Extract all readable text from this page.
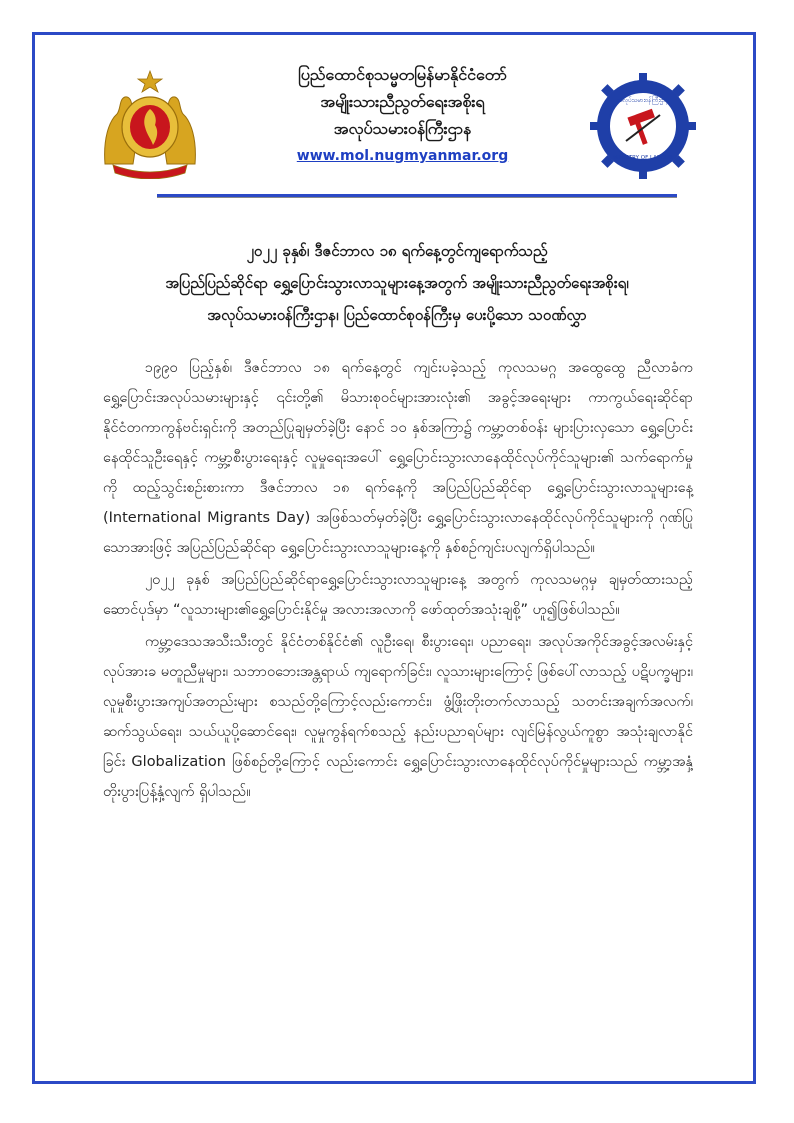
ပြည်ထောင်စုသမ္မတမြန်မာနိုင်ငံတော်
အမျိုးသားညီညွတ်ရေးအစိုးရ
အလုပ်သမားဝန်ကြီးဌာန
www.mol.nugmyanmar.org
အလုပ်သမားဝန်ကြီးဌာန
MINISTRY OF LABOUR
၂၀၂၂ ခုနှစ်၊ ဒီဇင်ဘာလ ၁၈ ရက်နေ့တွင်ကျရောက်သည့်
အပြည်ပြည်ဆိုင်ရာ ရွှေ့ပြောင်းသွားလာသူများနေ့အတွက် အမျိုးသားညီညွတ်ရေးအစိုးရ၊
အလုပ်သမားဝန်ကြီးဌာန၊ ပြည်ထောင်စုဝန်ကြီးမှ ပေးပို့သော သဝဏ်လွှာ

၁၉၉၀ ပြည့်နှစ်၊ ဒီဇင်ဘာလ ၁၈ ရက်နေ့တွင် ကျင်းပခဲ့သည့် ကုလသမဂ္ဂ အထွေထွေ ညီလာခံက ရွှေ့ပြောင်းအလုပ်သမားများနှင့် ၎င်းတို့၏ မိသားစုဝင်များအားလုံး၏ အခွင့်အရေးများ ကာကွယ်ရေးဆိုင်ရာ နိုင်ငံတကာကွန်ဗင်းရှင်းကို အတည်ပြုချမှတ်ခဲ့ပြီး နောင် ၁၀ နှစ်အကြာ၌ ကမ္ဘာ့တစ်ဝန်း များပြားလှသော ရွှေ့ပြောင်းနေထိုင်သူဦးရေနှင့် ကမ္ဘာ့စီးပွားရေးနှင့် လူမှုရေးအပေါ် ရွှေ့ပြောင်းသွားလာနေထိုင်လုပ်ကိုင်သူများ၏ သက်ရောက်မှုကို ထည့်သွင်းစဉ်းစားကာ ဒီဇင်ဘာလ ၁၈ ရက်နေ့ကို အပြည်ပြည်ဆိုင်ရာ ရွှေ့ပြောင်းသွားလာသူများနေ့ (International Migrants Day) အဖြစ်သတ်မှတ်ခဲ့ပြီး ရွှေ့ပြောင်းသွားလာနေထိုင်လုပ်ကိုင်သူများကို ဂုဏ်ပြုသောအားဖြင့် အပြည်ပြည်ဆိုင်ရာ ရွှေ့ပြောင်းသွားလာသူများနေ့ကို နှစ်စဉ်ကျင်းပလျက်ရှိပါသည်။

၂၀၂၂ ခုနှစ် အပြည်ပြည်ဆိုင်ရာရွှေ့ပြောင်းသွားလာသူများနေ့ အတွက် ကုလသမဂ္ဂမှ ချမှတ်ထားသည့် ဆောင်ပုဒ်မှာ “လူသားများ၏ရွှေ့ပြောင်းနိုင်မှု အလားအလာကို ဖော်ထုတ်အသုံးချစို့” ဟူ၍ဖြစ်ပါသည်။

ကမ္ဘာ့ဒေသအသီးသီးတွင် နိုင်ငံတစ်နိုင်ငံ၏ လူဦးရေ၊ စီးပွားရေး၊ ပညာရေး၊ အလုပ်အကိုင်အခွင့်အလမ်းနှင့် လုပ်အားခ မတူညီမှုများ၊ သဘာဝဘေးအန္တရာယ် ကျရောက်ခြင်း၊ လူသားများကြောင့် ဖြစ်ပေါ်လာသည့် ပဋိပက္ခများ၊ လူမှုစီးပွားအကျပ်အတည်းများ စသည်တို့ကြောင့်လည်းကောင်း၊ ဖွံ့ဖြိုးတိုးတက်လာသည့် သတင်းအချက်အလက်၊ ဆက်သွယ်ရေး၊ သယ်ယူပို့ဆောင်ရေး၊ လူမှုကွန်ရက်စသည့် နည်းပညာရပ်များ လျင်မြန်လွယ်ကူစွာ အသုံးချလာနိုင်ခြင်း Globalization ဖြစ်စဉ်တို့ကြောင့် လည်းကောင်း ရွှေ့ပြောင်းသွားလာနေထိုင်လုပ်ကိုင်မှုများသည် ကမ္ဘာ့အနှံ့တိုးပွားပြန့်နှံ့လျက် ရှိပါသည်။
